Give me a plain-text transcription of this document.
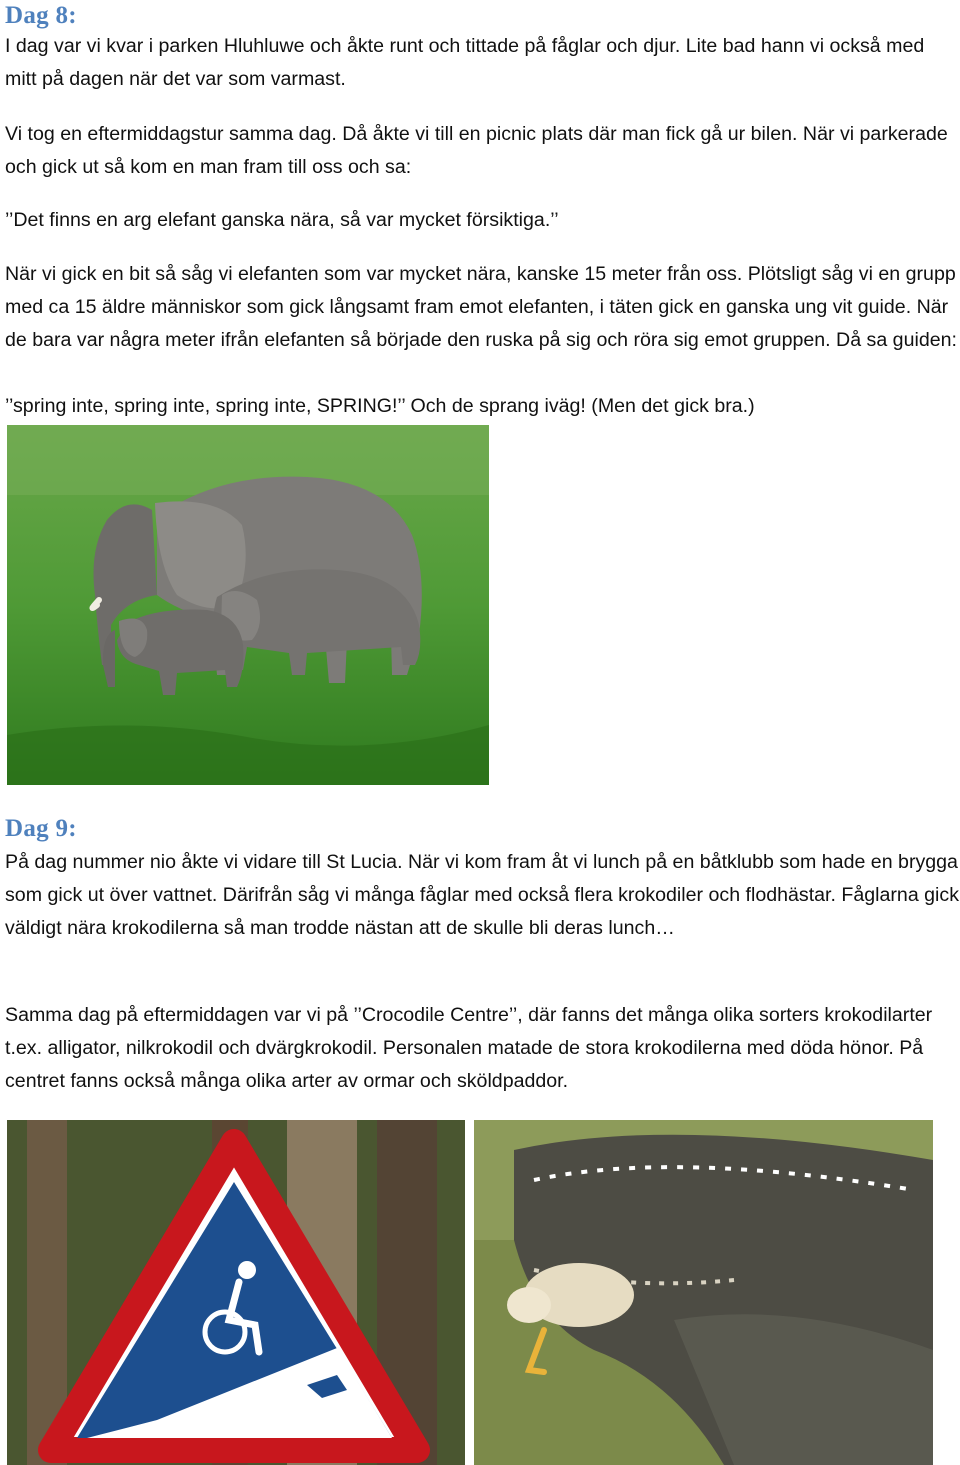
Dag 8:

I dag var vi kvar i parken Hluhluwe och åkte runt och tittade på fåglar och djur. Lite bad hann vi också med mitt på dagen när det var som varmast.

Vi tog en eftermiddagstur samma dag. Då åkte vi till en picnic plats där man fick gå ur bilen. När vi parkerade och gick ut så kom en man fram till oss och sa:

’’Det finns en arg elefant ganska nära, så var mycket försiktiga.’’

När vi gick en bit så såg vi elefanten som var mycket nära, kanske 15 meter från oss. Plötsligt såg vi en grupp med ca 15 äldre människor som gick långsamt fram emot elefanten, i täten gick en ganska ung vit guide. När de bara var några meter ifrån elefanten så började den ruska på sig och röra sig emot gruppen. Då sa guiden:

’’spring inte, spring inte, spring inte, SPRING!’’ Och de sprang iväg! (Men det gick bra.)

Dag 9:

På dag nummer nio åkte vi vidare till St Lucia. När vi kom fram åt vi lunch på en båtklubb som hade en brygga som gick ut över vattnet. Därifrån såg vi många fåglar med också flera krokodiler och flodhästar. Fåglarna gick väldigt nära krokodilerna så man trodde nästan att de skulle bli deras lunch…

Samma dag på eftermiddagen var vi på ’’Crocodile Centre’’, där fanns det många olika sorters krokodilarter t.ex. alligator, nilkrokodil och dvärgkrokodil. Personalen matade de stora krokodilerna med döda hönor. På centret fanns också många olika arter av ormar och sköldpaddor.
